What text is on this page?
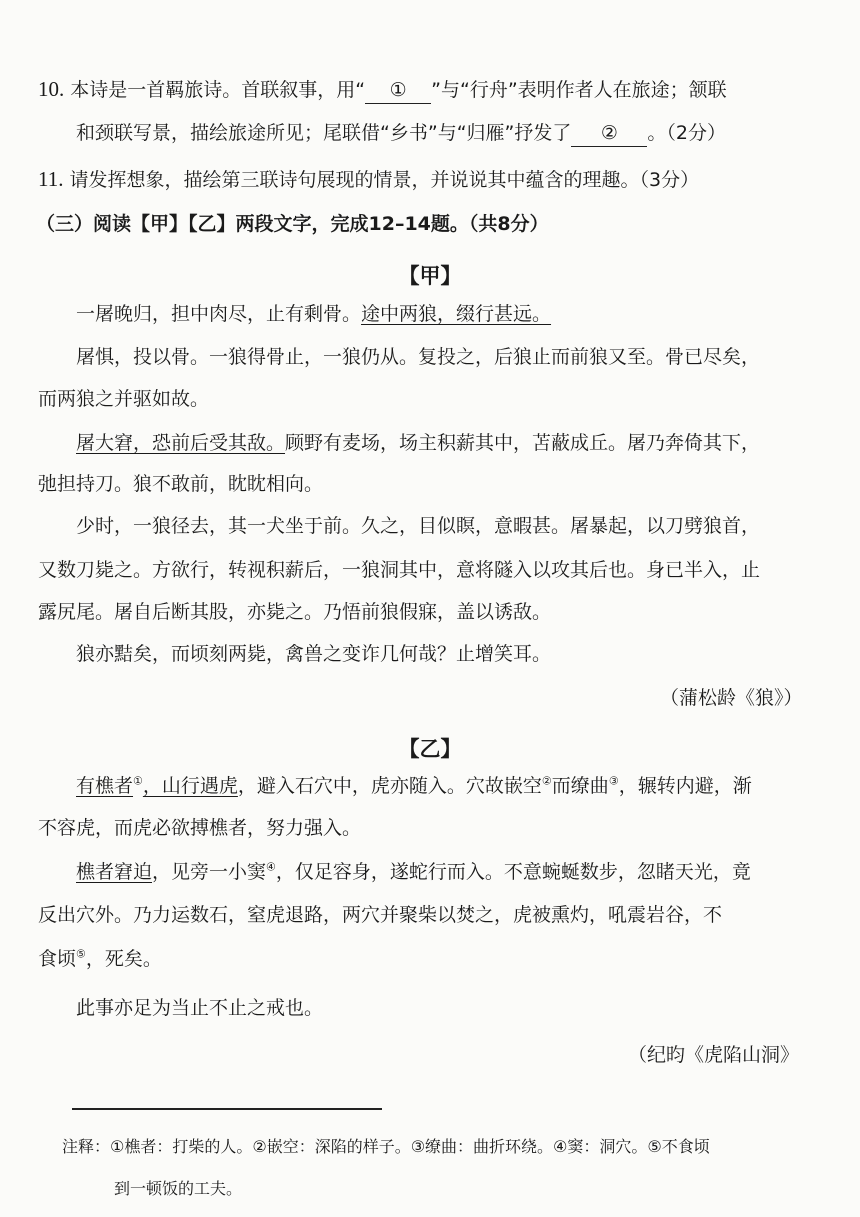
10. 本诗是一首羁旅诗。首联叙事，用“ ① ”与“行舟”表明作者人在旅途；颔联
和颈联写景，描绘旅途所见；尾联借“乡书”与“归雁”抒发了 ② 。（2分）
11. 请发挥想象，描绘第三联诗句展现的情景，并说说其中蕴含的理趣。（3分）
（三）阅读【甲】【乙】两段文字，完成12–14题。（共8分）
【甲】
一屠晚归，担中肉尽，止有剩骨。途中两狼，缀行甚远。
屠惧，投以骨。一狼得骨止，一狼仍从。复投之，后狼止而前狼又至。骨已尽矣，
而两狼之并驱如故。
屠大窘，恐前后受其敌。顾野有麦场，场主积薪其中，苫蔽成丘。屠乃奔倚其下，
弛担持刀。狼不敢前，眈眈相向。
少时，一狼径去，其一犬坐于前。久之，目似瞑，意暇甚。屠暴起，以刀劈狼首，
又数刀毙之。方欲行，转视积薪后，一狼洞其中，意将隧入以攻其后也。身已半入，止
露尻尾。屠自后断其股，亦毙之。乃悟前狼假寐，盖以诱敌。
狼亦黠矣，而顷刻两毙，禽兽之变诈几何哉？止增笑耳。
（蒲松龄《狼》）
【乙】
有樵者①，山行遇虎，避入石穴中，虎亦随入。穴故嵌空②而缭曲③，辗转内避，渐
不容虎，而虎必欲搏樵者，努力强入。
樵者窘迫，见旁一小窦④，仅足容身，遂蛇行而入。不意蜿蜒数步，忽睹天光，竟
反出穴外。乃力运数石，窒虎退路，两穴并聚柴以焚之，虎被熏灼，吼震岩谷，不
食顷⑤，死矣。
此事亦足为当止不止之戒也。
（纪昀《虎陷山洞》
注释：①樵者：打柴的人。②嵌空：深陷的样子。③缭曲：曲折环绕。④窦：洞穴。⑤不食顷
到一顿饭的工夫。
